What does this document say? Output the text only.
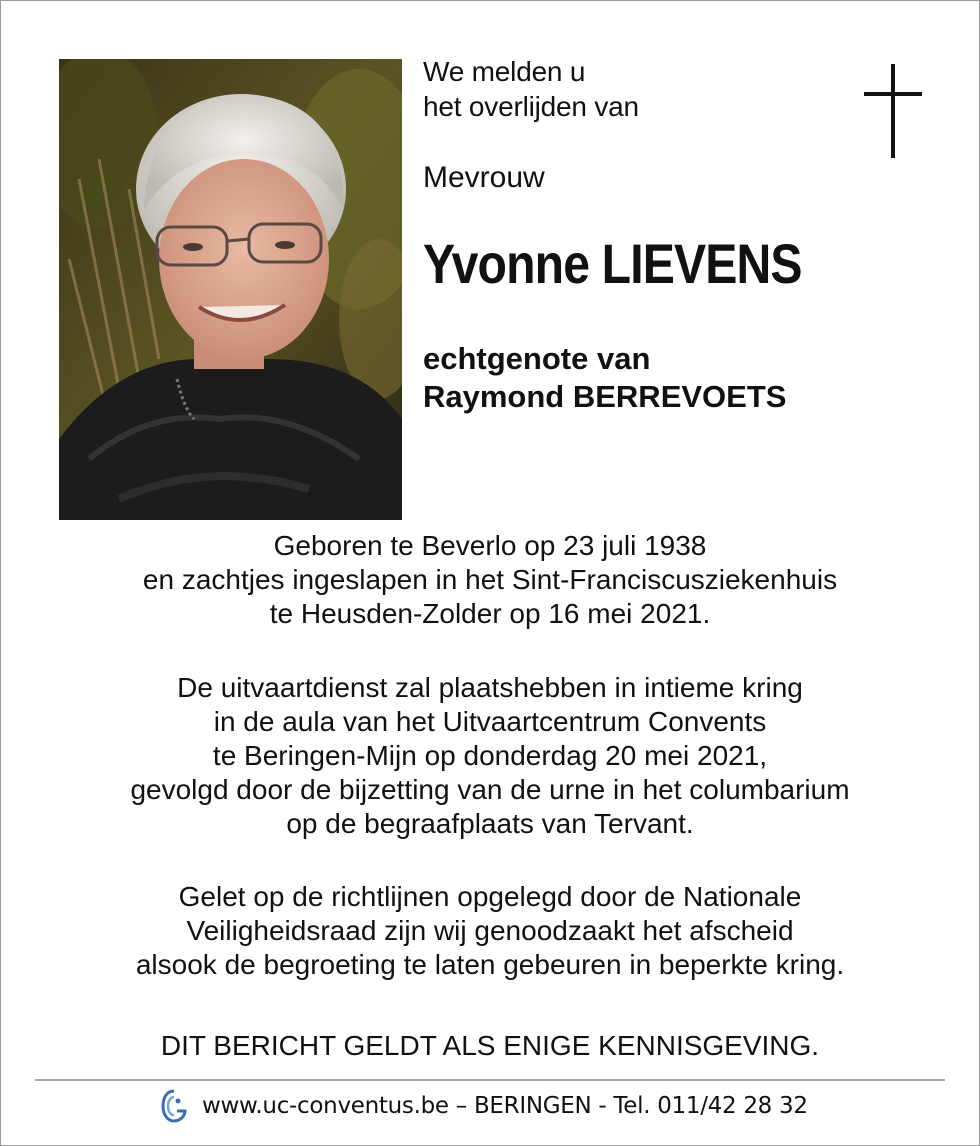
We melden u
het overlijden van
Mevrouw
Yvonne LIEVENS
echtgenote van
Raymond BERREVOETS
Geboren te Beverlo op 23 juli 1938
en zachtjes ingeslapen in het Sint-Franciscusziekenhuis
te Heusden-Zolder op 16 mei 2021.
De uitvaartdienst zal plaatshebben in intieme kring
in de aula van het Uitvaartcentrum Convents
te Beringen-Mijn op donderdag 20 mei 2021,
gevolgd door de bijzetting van de urne in het columbarium
op de begraafplaats van Tervant.
Gelet op de richtlijnen opgelegd door de Nationale
Veiligheidsraad zijn wij genoodzaakt het afscheid
alsook de begroeting te laten gebeuren in beperkte kring.
DIT BERICHT GELDT ALS ENIGE KENNISGEVING.
www.uc-conventus.be – BERINGEN - Tel. 011/42 28 32
